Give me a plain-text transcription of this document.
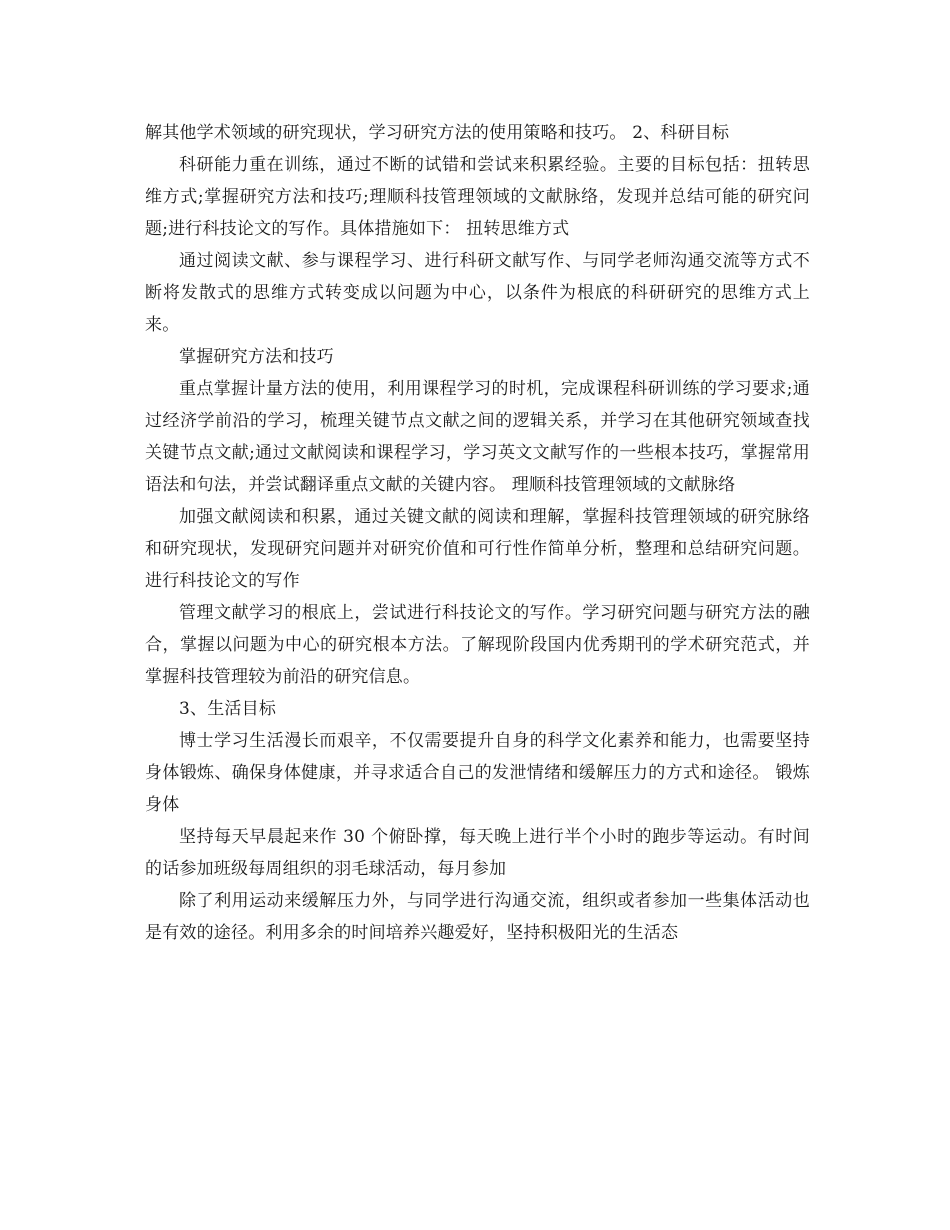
解其他学术领域的研究现状，学习研究方法的使用策略和技巧。 2、科研目标

科研能力重在训练，通过不断的试错和尝试来积累经验。主要的目标包括：扭转思维方式;掌握研究方法和技巧;理顺科技管理领域的文献脉络，发现并总结可能的研究问题;进行科技论文的写作。具体措施如下： 扭转思维方式

通过阅读文献、参与课程学习、进行科研文献写作、与同学老师沟通交流等方式不断将发散式的思维方式转变成以问题为中心，以条件为根底的科研研究的思维方式上来。

掌握研究方法和技巧

重点掌握计量方法的使用，利用课程学习的时机，完成课程科研训练的学习要求;通过经济学前沿的学习，梳理关键节点文献之间的逻辑关系，并学习在其他研究领域查找关键节点文献;通过文献阅读和课程学习，学习英文文献写作的一些根本技巧，掌握常用语法和句法，并尝试翻译重点文献的关键内容。 理顺科技管理领域的文献脉络

加强文献阅读和积累，通过关键文献的阅读和理解，掌握科技管理领域的研究脉络和研究现状，发现研究问题并对研究价值和可行性作简单分析，整理和总结研究问题。 进行科技论文的写作

管理文献学习的根底上，尝试进行科技论文的写作。学习研究问题与研究方法的融合，掌握以问题为中心的研究根本方法。了解现阶段国内优秀期刊的学术研究范式，并掌握科技管理较为前沿的研究信息。

3、生活目标

博士学习生活漫长而艰辛，不仅需要提升自身的科学文化素养和能力，也需要坚持身体锻炼、确保身体健康，并寻求适合自己的发泄情绪和缓解压力的方式和途径。 锻炼身体

坚持每天早晨起来作 30 个俯卧撑，每天晚上进行半个小时的跑步等运动。有时间的话参加班级每周组织的羽毛球活动，每月参加

除了利用运动来缓解压力外，与同学进行沟通交流，组织或者参加一些集体活动也是有效的途径。利用多余的时间培养兴趣爱好，坚持积极阳光的生活态
